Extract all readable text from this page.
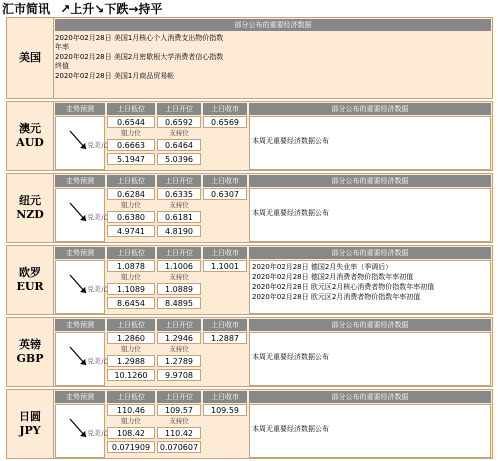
汇市简讯 ↗上升↘下跌→持平
美国
部分公布的重要经济数据
2020年02月28日 美国1月核心个人消费支出物价指数
年率
2020年02月28日 美国2月密歇根大学消费者信心指数
终值
2020年02月28日 美国1月商品贸易帐
澳元
AUD
走势预测	上日低位	上日开位	上日收市	部分公布的重要经济数据
0.6544	0.6592	0.6569
阻力位	支持位
0.6663	0.6464
兑美元
5.1947	5.0396
本周无重要经济数据公布
纽元
NZD
走势预测	上日低位	上日开位	上日收市	部分公布的重要经济数据
0.6284	0.6335	0.6307
阻力位	支持位
0.6380	0.6181
兑美元
4.9741	4.8190
本周无重要经济数据公布
欧罗
EUR
走势预测	上日低位	上日开位	上日收市	部分公布的重要经济数据
1.0878	1.1006	1.1001
阻力位	支持位
1.1089	1.0889
兑美元
8.6454	8.4895
2020年02月28日 德国2月失业率（季调后）
2020年02月28日 德国2月消费者物价指数年率初值
2020年02月28日 欧元区2月核心消费者物价指数年率初值
2020年02月28日 欧元区2月消费者物价指数年率初值
英镑
GBP
走势预测	上日低位	上日开位	上日收市	部分公布的重要经济数据
1.2860	1.2946	1.2887
阻力位	支持位
1.2988	1.2789
兑美元
10.1260	9.9708
本周无重要经济数据公布
日圆
JPY
走势预测	上日低位	上日开位	上日收市	部分公布的重要经济数据
110.46	109.57	109.59
阻力位	支持位
108.42	110.42
兑美元
0.071909	0.070607
本周无重要经济数据公布
